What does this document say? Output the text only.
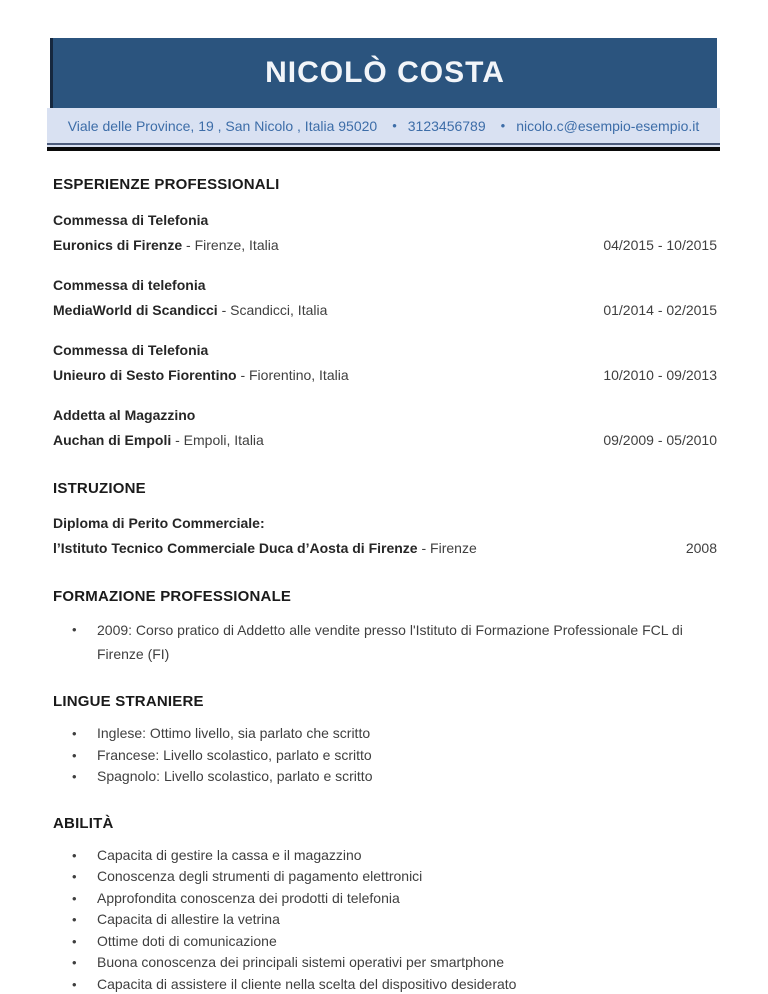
NICOLÒ COSTA
Viale delle Province, 19 , San Nicolo , Italia 95020 • 3123456789 • nicolo.c@esempio-esempio.it
ESPERIENZE PROFESSIONALI
Commessa di Telefonia
Euronics di Firenze - Firenze, Italia	04/2015 - 10/2015
Commessa di telefonia
MediaWorld di Scandicci - Scandicci, Italia	01/2014 - 02/2015
Commessa di Telefonia
Unieuro di Sesto Fiorentino - Fiorentino, Italia	10/2010 - 09/2013
Addetta al Magazzino
Auchan di Empoli - Empoli, Italia	09/2009 - 05/2010
ISTRUZIONE
Diploma di Perito Commerciale:
l’Istituto Tecnico Commerciale Duca d’Aosta di Firenze - Firenze	2008
FORMAZIONE PROFESSIONALE
•	2009: Corso pratico di Addetto alle vendite presso l'Istituto di Formazione Professionale FCL di Firenze (FI)
LINGUE STRANIERE
•	Inglese: Ottimo livello, sia parlato che scritto
•	Francese: Livello scolastico, parlato e scritto
•	Spagnolo: Livello scolastico, parlato e scritto
ABILITÀ
•	Capacita di gestire la cassa e il magazzino
•	Conoscenza degli strumenti di pagamento elettronici
•	Approfondita conoscenza dei prodotti di telefonia
•	Capacita di allestire la vetrina
•	Ottime doti di comunicazione
•	Buona conoscenza dei principali sistemi operativi per smartphone
•	Capacita di assistere il cliente nella scelta del dispositivo desiderato
